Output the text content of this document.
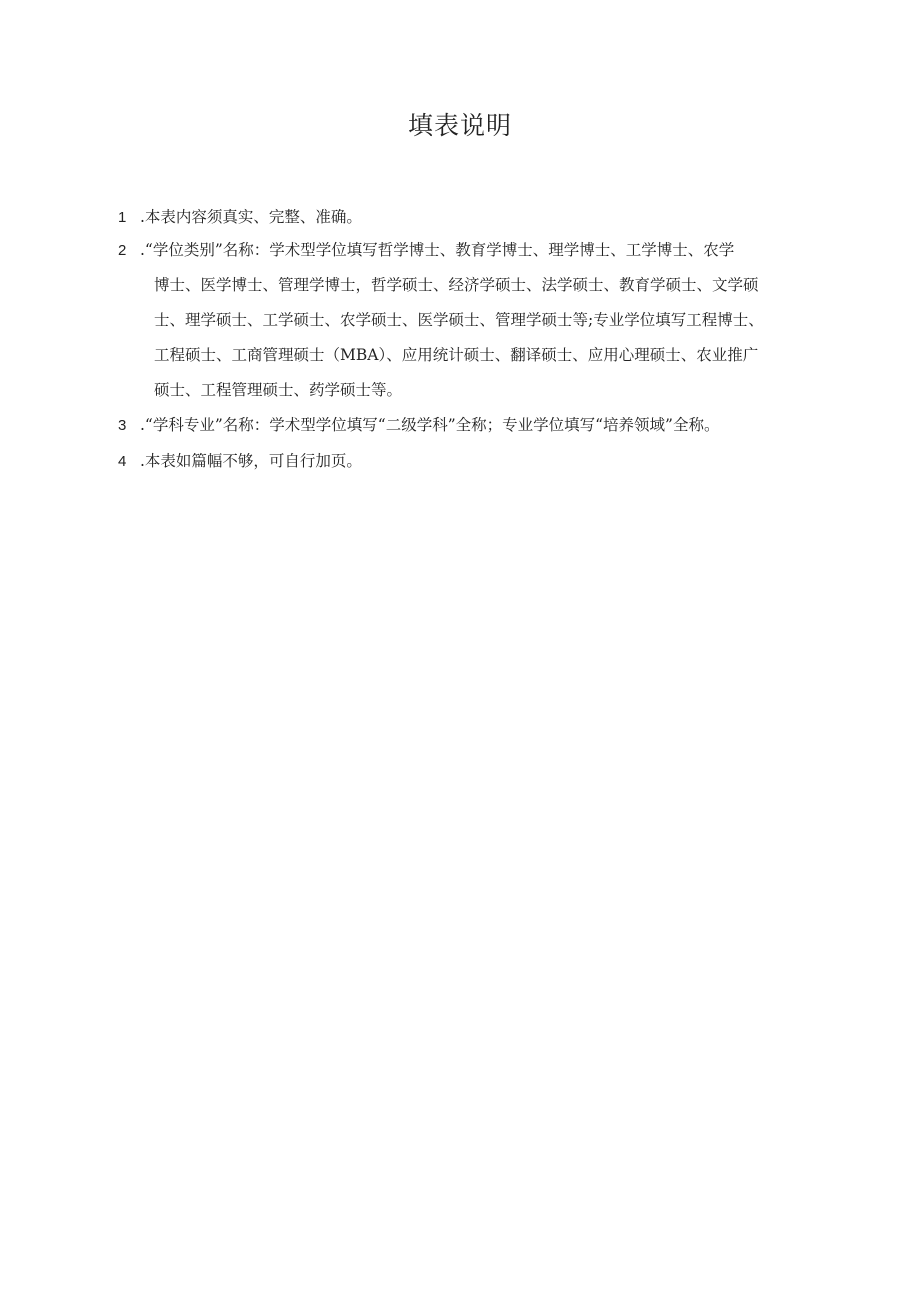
填表说明
1 .本表内容须真实、完整、准确。
2 .“学位类别”名称：学术型学位填写哲学博士、教育学博士、理学博士、工学博士、农学
博士、医学博士、管理学博士，哲学硕士、经济学硕士、法学硕士、教育学硕士、文学硕
士、理学硕士、工学硕士、农学硕士、医学硕士、管理学硕士等;专业学位填写工程博士、
工程硕士、工商管理硕士（MBA）、应用统计硕士、翻译硕士、应用心理硕士、农业推广
硕士、工程管理硕士、药学硕士等。
3 .“学科专业”名称：学术型学位填写“二级学科”全称；专业学位填写“培养领域”全称。
4 .本表如篇幅不够，可自行加页。
